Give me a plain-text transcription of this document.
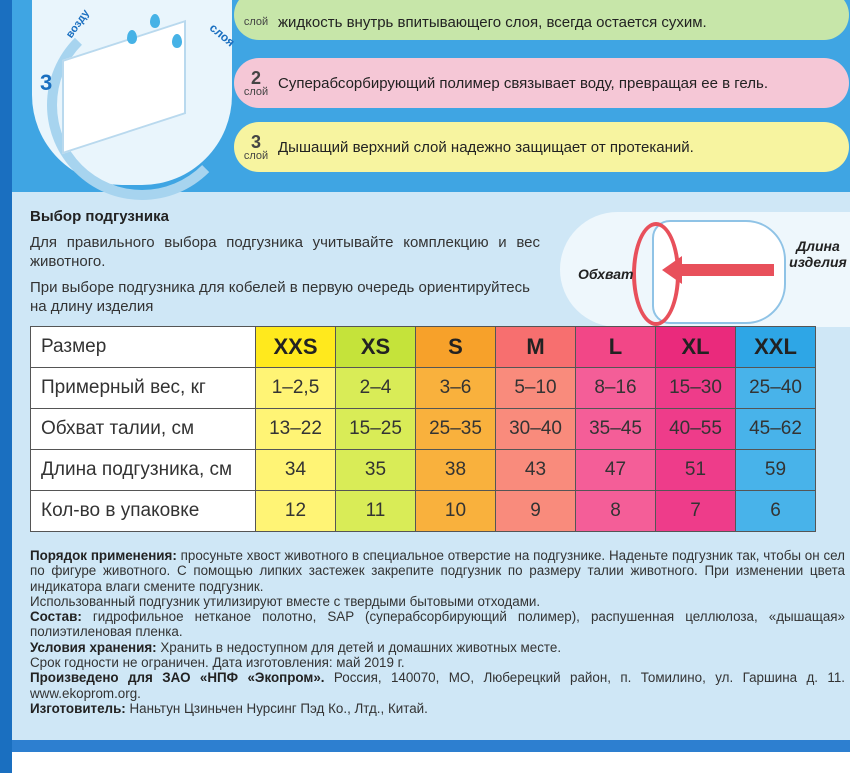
3
возду	слоя слой жидкость внутрь впитывающего слоя, всегда остается сухим.
2
слой Суперабсорбирующий полимер связывает воду, превращая ее в гель.
3
слой Дышащий верхний слой надежно защищает от протеканий.
Выбор подгузника
Для правильного выбора подгузника учитывайте комплекцию и вес животного.
При выборе подгузника для кобелей в первую очередь ориентируйтесь на длину изделия
Обхват
Длина изделия
Размер	XXS	XS	S	M	L	XL	XXL
Примерный вес, кг	1–2,5	2–4	3–6	5–10	8–16	15–30	25–40
Обхват талии, см	13–22	15–25	25–35	30–40	35–45	40–55	45–62
Длина подгузника, см	34	35	38	43	47	51	59
Кол-во в упаковке	12	11	10	9	8	7	6

Порядок применения: просуньте хвост животного в специальное отверстие на подгузнике. Наденьте подгузник так, чтобы он сел по фигуре животного. С помощью липких застежек закрепите подгузник по размеру талии животного. При изменении цвета индикатора влаги смените подгузник.

Использованный подгузник утилизируют вместе с твердыми бытовыми отходами.

Состав: гидрофильное нетканое полотно, SAP (суперабсорбирующий полимер), распушенная целлюлоза, «дышащая» полиэтиленовая пленка.

Условия хранения: Хранить в недоступном для детей и домашних животных месте.

Срок годности не ограничен. Дата изготовления: май 2019 г.

Произведено для ЗАО «НПФ «Экопром». Россия, 140070, МО, Люберецкий район, п. Томилино, ул. Гаршина д. 11. www.ekoprom.org.

Изготовитель: Наньтун Цзиньчен Нурсинг Пэд Ко., Лтд., Китай.
